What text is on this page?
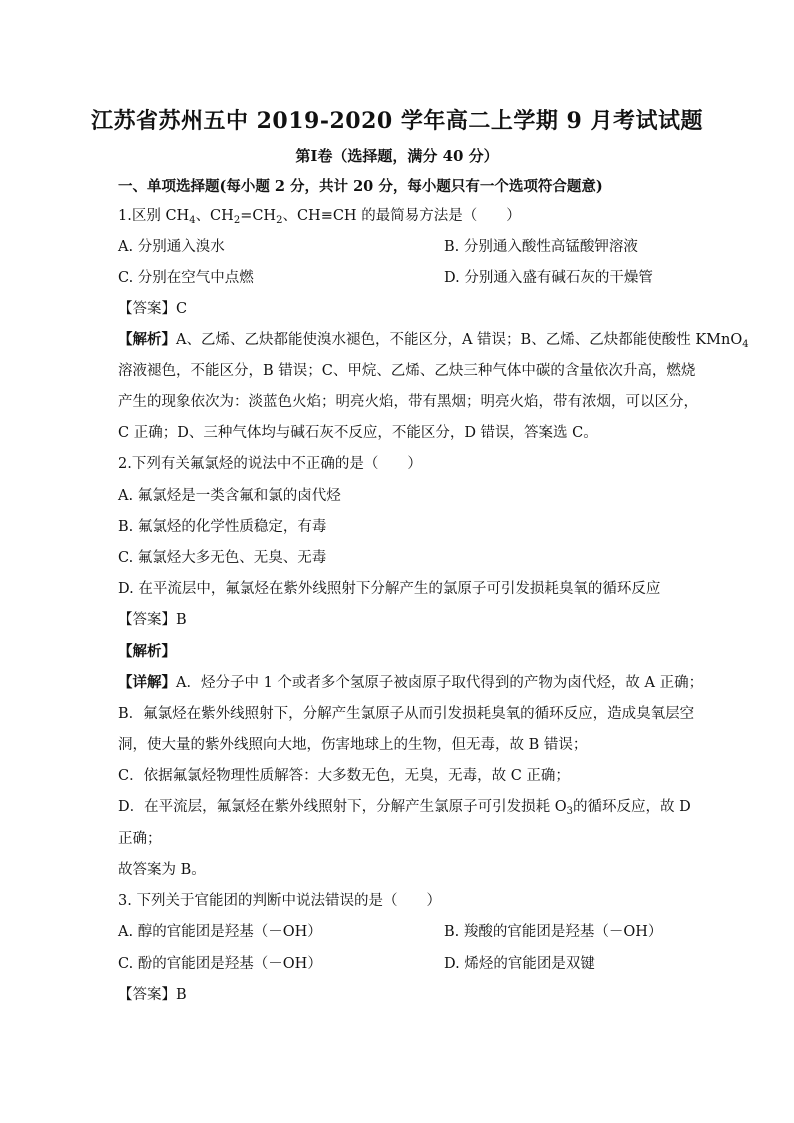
江苏省苏州五中 2019-2020 学年高二上学期 9 月考试试题
第Ⅰ卷（选择题，满分 40 分）
一、单项选择题(每小题 2 分，共计 20 分，每小题只有一个选项符合题意)
1.区别 $CH_4$、$CH_2=CH_2$、CH≡CH 的最简易方法是（　　）
A. 分别通入溴水	B. 分别通入酸性高锰酸钾溶液
C. 分别在空气中点燃	D. 分别通入盛有碱石灰的干燥管
【答案】C
【解析】A、乙烯、乙炔都能使溴水褪色，不能区分，A 错误；B、乙烯、乙炔都能使酸性 KMnO$_4$
溶液褪色，不能区分，B 错误；C、甲烷、乙烯、乙炔三种气体中碳的含量依次升高，燃烧
产生的现象依次为：淡蓝色火焰；明亮火焰，带有黑烟；明亮火焰，带有浓烟，可以区分，
C 正确；D、三种气体均与碱石灰不反应，不能区分，D 错误，答案选 C。
2.下列有关氟氯烃的说法中不正确的是（　　）
A. 氟氯烃是一类含氟和氯的卤代烃
B. 氟氯烃的化学性质稳定，有毒
C. 氟氯烃大多无色、无臭、无毒
D. 在平流层中，氟氯烃在紫外线照射下分解产生的氯原子可引发损耗臭氧的循环反应
【答案】B
【解析】
【详解】A．烃分子中 1 个或者多个氢原子被卤原子取代得到的产物为卤代烃，故 A 正确；
B．氟氯烃在紫外线照射下，分解产生氯原子从而引发损耗臭氧的循环反应，造成臭氧层空
洞，使大量的紫外线照向大地，伤害地球上的生物，但无毒，故 B 错误；
C．依据氟氯烃物理性质解答：大多数无色，无臭，无毒，故 C 正确；
D．在平流层，氟氯烃在紫外线照射下，分解产生氯原子可引发损耗 $O_3$的循环反应，故 D
正确；
故答案为 B。
3. 下列关于官能团的判断中说法错误的是（　　）
A. 醇的官能团是羟基（－OH）	B. 羧酸的官能团是羟基（－OH）
C. 酚的官能团是羟基（－OH）	D. 烯烃的官能团是双键
【答案】B
